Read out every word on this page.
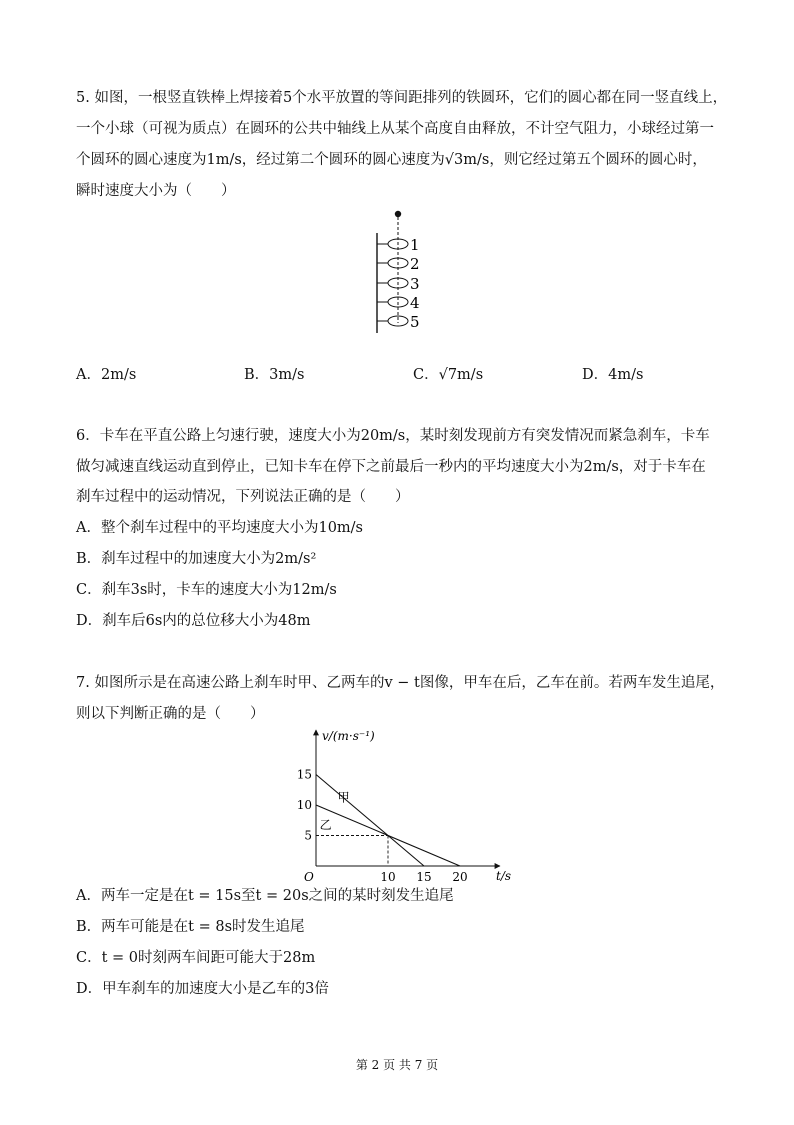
5. 如图，一根竖直铁棒上焊接着5个水平放置的等间距排列的铁圆环，它们的圆心都在同一竖直线上，
一个小球（可视为质点）在圆环的公共中轴线上从某个高度自由释放，不计空气阻力，小球经过第一
个圆环的圆心速度为1m/s，经过第二个圆环的圆心速度为√3m/s，则它经过第五个圆环的圆心时，
瞬时速度大小为（　　）
1
2
3
4
5
A．2m/s	B．3m/s	C．√7m/s	D．4m/s
6．卡车在平直公路上匀速行驶，速度大小为20m/s，某时刻发现前方有突发情况而紧急刹车，卡车
做匀减速直线运动直到停止，已知卡车在停下之前最后一秒内的平均速度大小为2m/s，对于卡车在
刹车过程中的运动情况，下列说法正确的是（　　）
A．整个刹车过程中的平均速度大小为10m/s
B．刹车过程中的加速度大小为2m/s²
C．刹车3s时，卡车的速度大小为12m/s
D．刹车后6s内的总位移大小为48m
7. 如图所示是在高速公路上刹车时甲、乙两车的v − t图像，甲车在后，乙车在前。若两车发生追尾，
则以下判断正确的是（　　）
v/(m·s⁻¹)
t/s
O	10 15 20
5
10
15
甲
乙
A．两车一定是在t = 15s至t = 20s之间的某时刻发生追尾
B．两车可能是在t = 8s时发生追尾
C．t = 0时刻两车间距可能大于28m
D．甲车刹车的加速度大小是乙车的3倍
第 2 页 共 7 页
